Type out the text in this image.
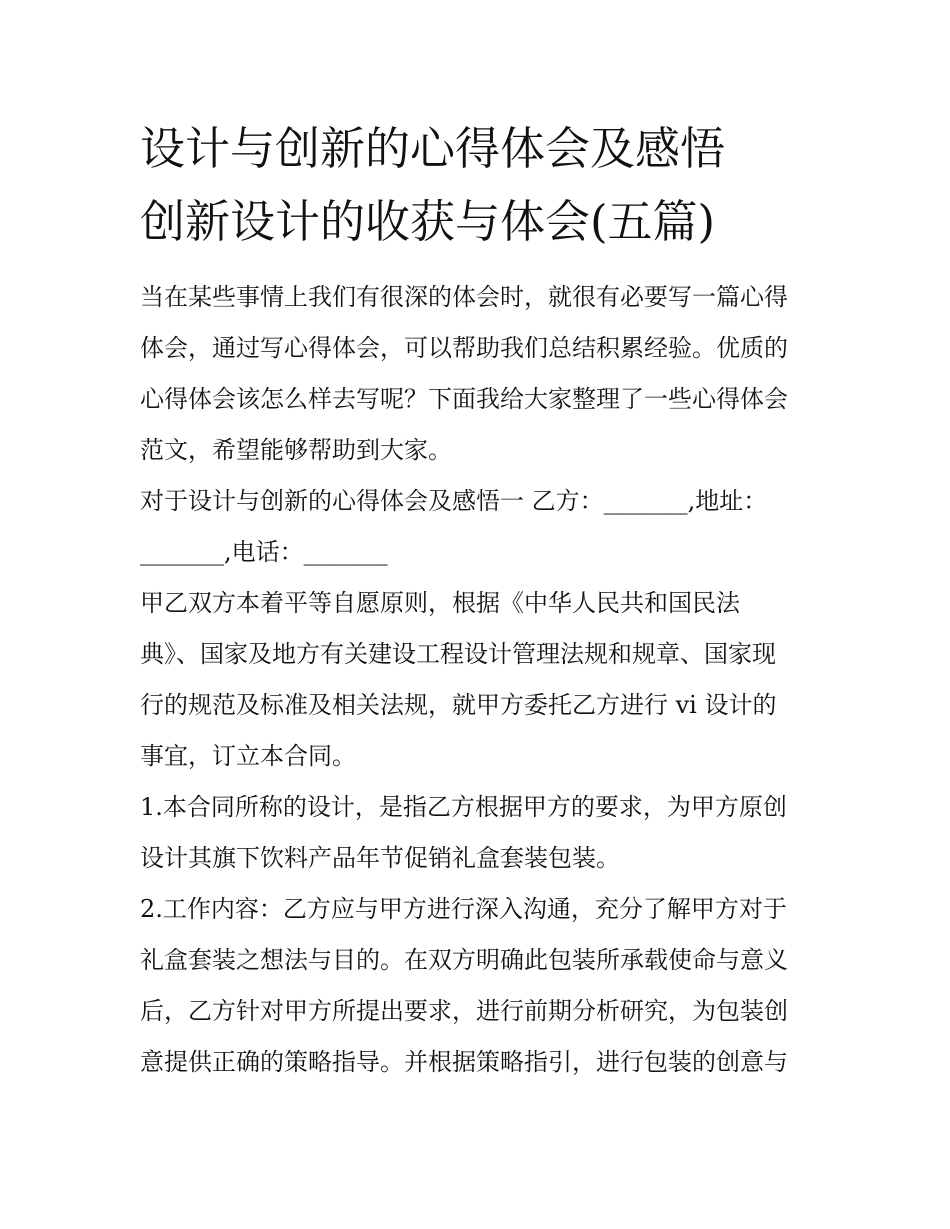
设计与创新的心得体会及感悟
创新设计的收获与体会(五篇)

当在某些事情上我们有很深的体会时，就很有必要写一篇心得
体会，通过写心得体会，可以帮助我们总结积累经验。优质的
心得体会该怎么样去写呢？下面我给大家整理了一些心得体会
范文，希望能够帮助到大家。

对于设计与创新的心得体会及感悟一 乙方：_______,地址：
_______,电话：_______

甲乙双方本着平等自愿原则，根据《中华人民共和国民法
典》、国家及地方有关建设工程设计管理法规和规章、国家现
行的规范及标准及相关法规，就甲方委托乙方进行 vi 设计的
事宜，订立本合同。

1.本合同所称的设计，是指乙方根据甲方的要求，为甲方原创
设计其旗下饮料产品年节促销礼盒套装包装。

2.工作内容：乙方应与甲方进行深入沟通，充分了解甲方对于
礼盒套装之想法与目的。在双方明确此包装所承载使命与意义
后，乙方针对甲方所提出要求，进行前期分析研究，为包装创
意提供正确的策略指导。并根据策略指引，进行包装的创意与
